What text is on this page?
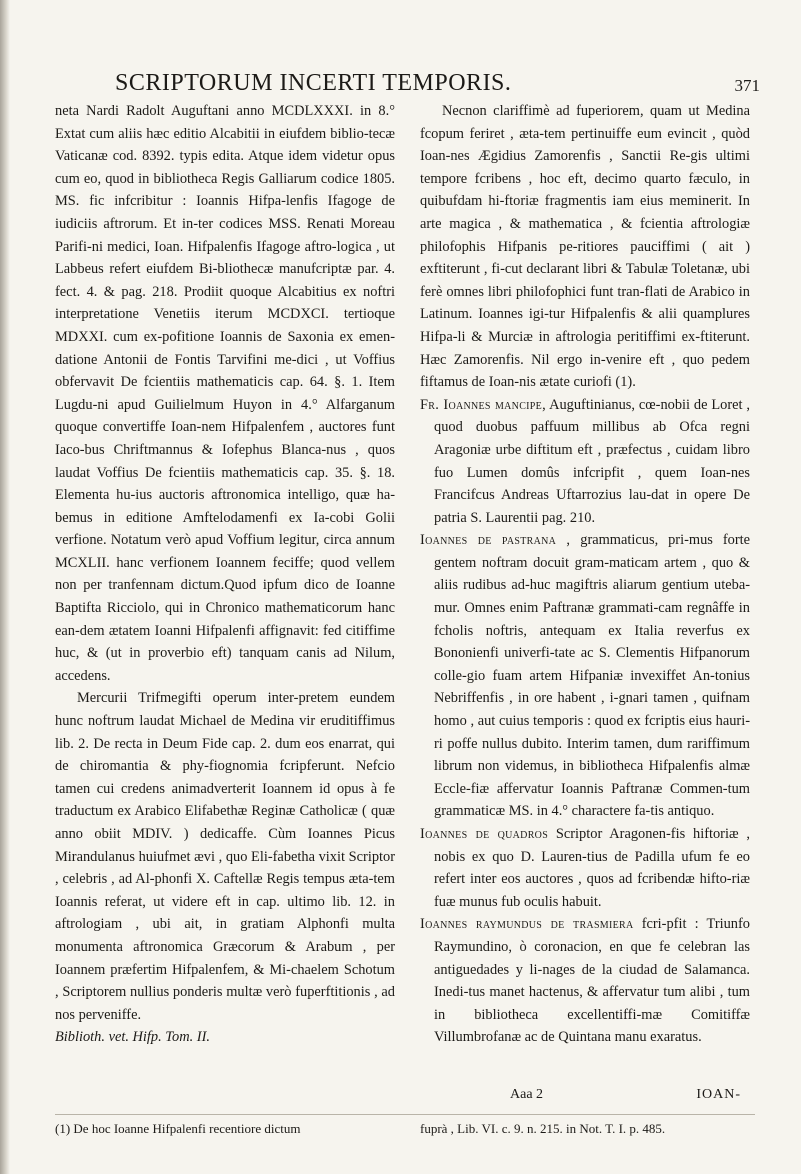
SCRIPTORUM INCERTI TEMPORIS.	371

neta Nardi Radolt Auguftani anno MCDLXXXI. in 8.° Extat cum aliis hæc editio Alcabitii in eiufdem biblio-tecæ Vaticanæ cod. 8392. typis edita. Atque idem videtur opus cum eo, quod in bibliotheca Regis Galliarum codice 1805. MS. fic infcribitur : Ioannis Hifpa-lenfis Ifagoge de iudiciis aftrorum. Et in-ter codices MSS. Renati Moreau Parifi-ni medici, Ioan. Hifpalenfis Ifagoge aftro-logica , ut Labbeus refert eiufdem Bi-bliothecæ manufcriptæ par. 4. fect. 4. & pag. 218. Prodiit quoque Alcabitius ex noftri interpretatione Venetiis iterum MCDXCI. tertioque MDXXI. cum ex-pofitione Ioannis de Saxonia ex emen-datione Antonii de Fontis Tarvifini me-dici , ut Voffius obfervavit De fcientiis mathematicis cap. 64. §. 1. Item Lugdu-ni apud Guilielmum Huyon in 4.° Alfarganum quoque convertiffe Ioan-nem Hifpalenfem , auctores funt Iaco-bus Chriftmannus & Iofephus Blanca-nus , quos laudat Voffius De fcientiis mathematicis cap. 35. §. 18. Elementa hu-ius auctoris aftronomica intelligo, quæ ha-bemus in editione Amftelodamenfi ex Ia-cobi Golii verfione. Notatum verò apud Voffium legitur, circa annum MCXLII. hanc verfionem Ioannem feciffe; quod vellem non per tranfennam dictum.Quod ipfum dico de Ioanne Baptifta Ricciolo, qui in Chronico mathematicorum hanc ean-dem ætatem Ioanni Hifpalenfi affignavit: fed citiffime huc, & (ut in proverbio eft) tanquam canis ad Nilum, accedens.

Mercurii Trifmegifti operum inter-pretem eundem hunc noftrum laudat Michael de Medina vir eruditiffimus lib. 2. De recta in Deum Fide cap. 2. dum eos enarrat, qui de chiromantia & phy-fiognomia fcripferunt. Nefcio tamen cui credens animadverterit Ioannem id opus à fe traductum ex Arabico Elifabethæ Reginæ Catholicæ ( quæ anno obiit MDIV. ) dedicaffe. Cùm Ioannes Picus Mirandulanus huiufmet ævi , quo Eli-fabetha vixit Scriptor , celebris , ad Al-phonfi X. Caftellæ Regis tempus æta-tem Ioannis referat, ut videre eft in cap. ultimo lib. 12. in aftrologiam , ubi ait, in gratiam Alphonfi multa monumenta aftronomica Græcorum & Arabum , per Ioannem præfertim Hifpalenfem, & Mi-chaelem Schotum , Scriptorem nullius ponderis multæ verò fuperftitionis , ad nos perveniffe.

Biblioth. vet. Hifp. Tom. II.

Necnon clariffimè ad fuperiorem, quam ut Medina fcopum feriret , æta-tem pertinuiffe eum evincit , quòd Ioan-nes Ægidius Zamorenfis , Sanctii Re-gis ultimi tempore fcribens , hoc eft, decimo quarto fæculo, in quibufdam hi-ftoriæ fragmentis iam eius meminerit. In arte magica , & mathematica , & fcientia aftrologiæ philofophis Hifpanis pe-ritiores pauciffimi ( ait ) exftiterunt , fi-cut declarant libri & Tabulæ Toletanæ, ubi ferè omnes libri philofophici funt tran-flati de Arabico in Latinum. Ioannes igi-tur Hifpalenfis & alii quamplures Hifpa-li & Murciæ in aftrologia peritiffimi ex-ftiterunt. Hæc Zamorenfis. Nil ergo in-venire eft , quo pedem fiftamus de Ioan-nis ætate curiofi (1).

Fr. Ioannes mancipe, Auguftinianus, cœ-nobii de Loret , quod duobus paffuum millibus ab Ofca regni Aragoniæ urbe diftitum eft , præfectus , cuidam libro fuo Lumen domûs infcripfit , quem Ioan-nes Francifcus Andreas Uftarrozius lau-dat in opere De patria S. Laurentii pag. 210.

Ioannes de pastrana , grammaticus, pri-mus forte gentem noftram docuit gram-maticam artem , quo & aliis rudibus ad-huc magiftris aliarum gentium uteba-mur. Omnes enim Paftranæ grammati-cam regnâffe in fcholis noftris, antequam ex Italia reverfus ex Bononienfi univerfi-tate ac S. Clementis Hifpanorum colle-gio fuam artem Hifpaniæ invexiffet An-tonius Nebriffenfis , in ore habent , i-gnari tamen , quifnam homo , aut cuius temporis : quod ex fcriptis eius hauri-ri poffe nullus dubito. Interim tamen, dum rariffimum librum non videmus, in bibliotheca Hifpalenfis almæ Eccle-fiæ affervatur Ioannis Paftranæ Commen-tum grammaticæ MS. in 4.° charactere fa-tis antiquo.

Ioannes de quadros Scriptor Aragonen-fis hiftoriæ , nobis ex quo D. Lauren-tius de Padilla ufum fe eo refert inter eos auctores , quos ad fcribendæ hifto-riæ fuæ munus fub oculis habuit.

Ioannes raymundus de trasmiera fcri-pfit : Triunfo Raymundino, ò coronacion, en que fe celebran las antiguedades y li-nages de la ciudad de Salamanca. Inedi-tus manet hactenus, & affervatur tum alibi , tum in bibliotheca excellentiffi-mæ Comitiffæ Villumbrofanæ ac de Quintana manu exaratus.

Aaa 2	IOAN-
(1) De hoc Ioanne Hifpalenfi recentiore dictum	fuprà , Lib. VI. c. 9. n. 215. in Not. T. I. p. 485.
